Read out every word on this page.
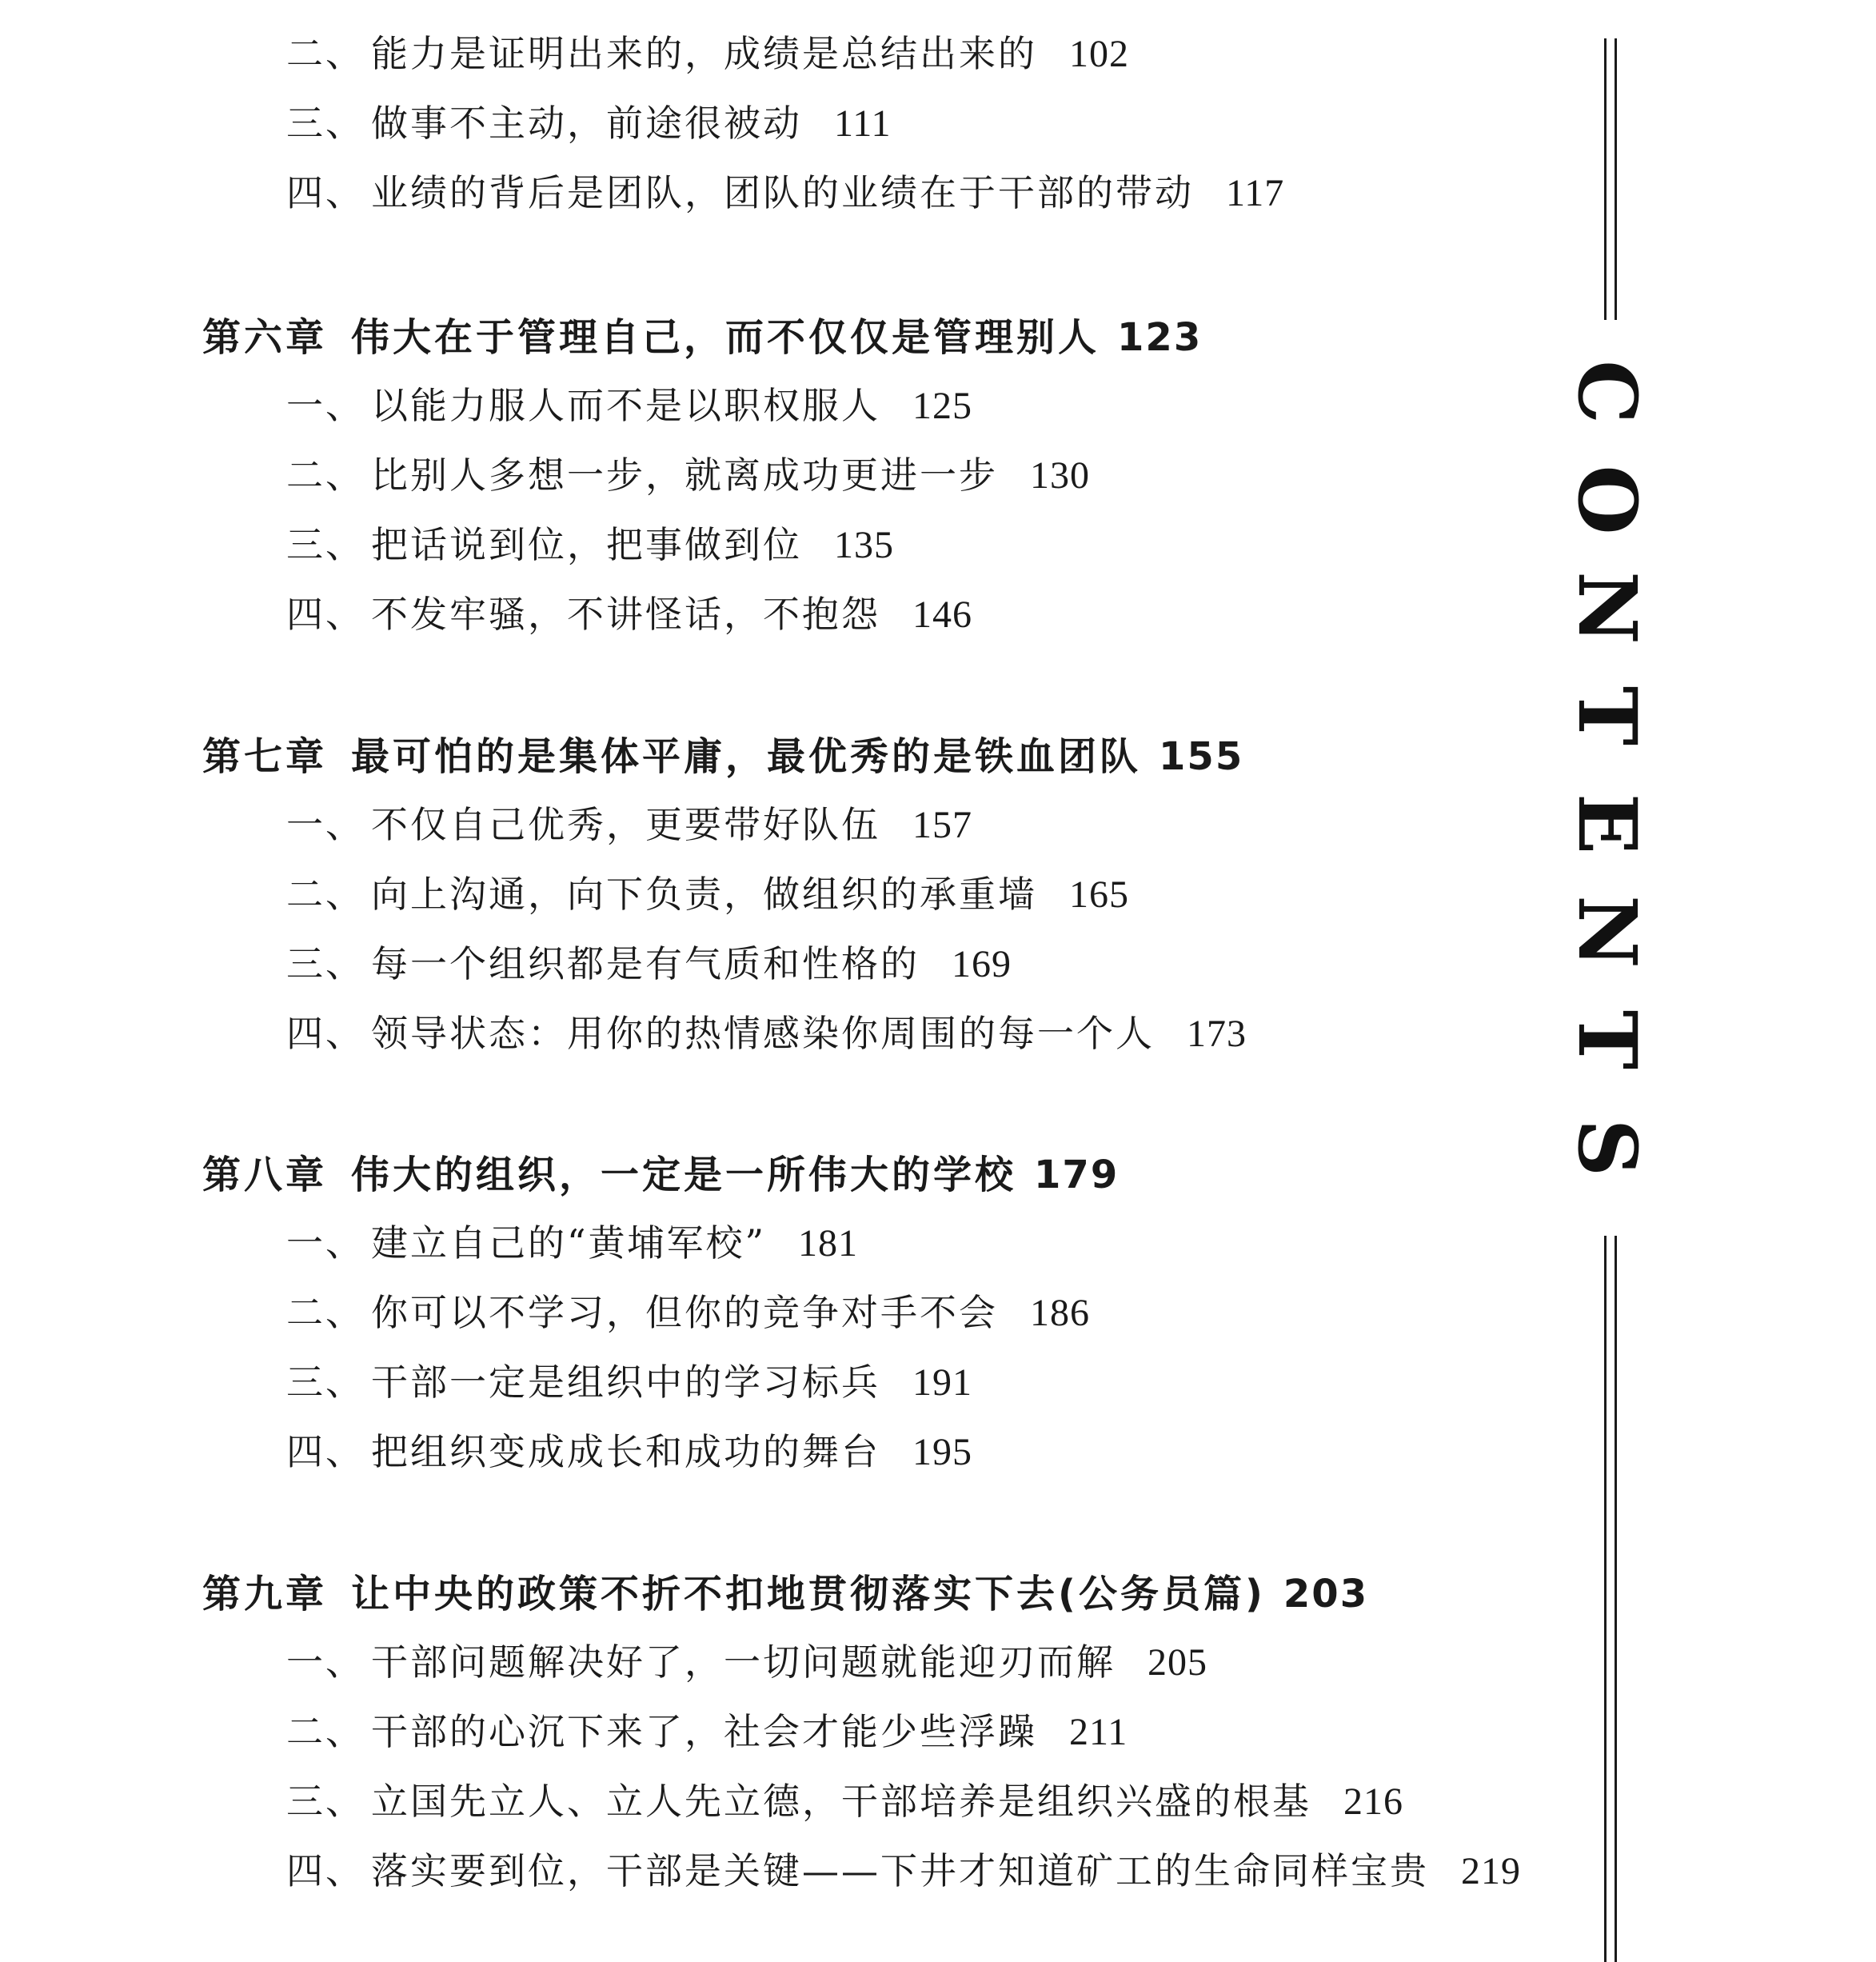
二、 能力是证明出来的，成绩是总结出来的 102
三、 做事不主动，前途很被动 111
四、 业绩的背后是团队，团队的业绩在于干部的带动 117
第六章 伟大在于管理自己，而不仅仅是管理别人 123
一、 以能力服人而不是以职权服人 125
二、 比别人多想一步，就离成功更进一步 130
三、 把话说到位，把事做到位 135
四、 不发牢骚，不讲怪话，不抱怨 146
第七章 最可怕的是集体平庸，最优秀的是铁血团队 155
一、 不仅自己优秀，更要带好队伍 157
二、 向上沟通，向下负责，做组织的承重墙 165
三、 每一个组织都是有气质和性格的 169
四、 领导状态：用你的热情感染你周围的每一个人 173
第八章 伟大的组织，一定是一所伟大的学校 179
一、 建立自己的“黄埔军校” 181
二、 你可以不学习，但你的竞争对手不会 186
三、 干部一定是组织中的学习标兵 191
四、 把组织变成成长和成功的舞台 195
第九章 让中央的政策不折不扣地贯彻落实下去(公务员篇) 203
一、 干部问题解决好了，一切问题就能迎刃而解 205
二、 干部的心沉下来了，社会才能少些浮躁 211
三、 立国先立人、立人先立德，干部培养是组织兴盛的根基 216
四、 落实要到位，干部是关键——下井才知道矿工的生命同样宝贵 219
C
O
N
T
E
N
T
S
